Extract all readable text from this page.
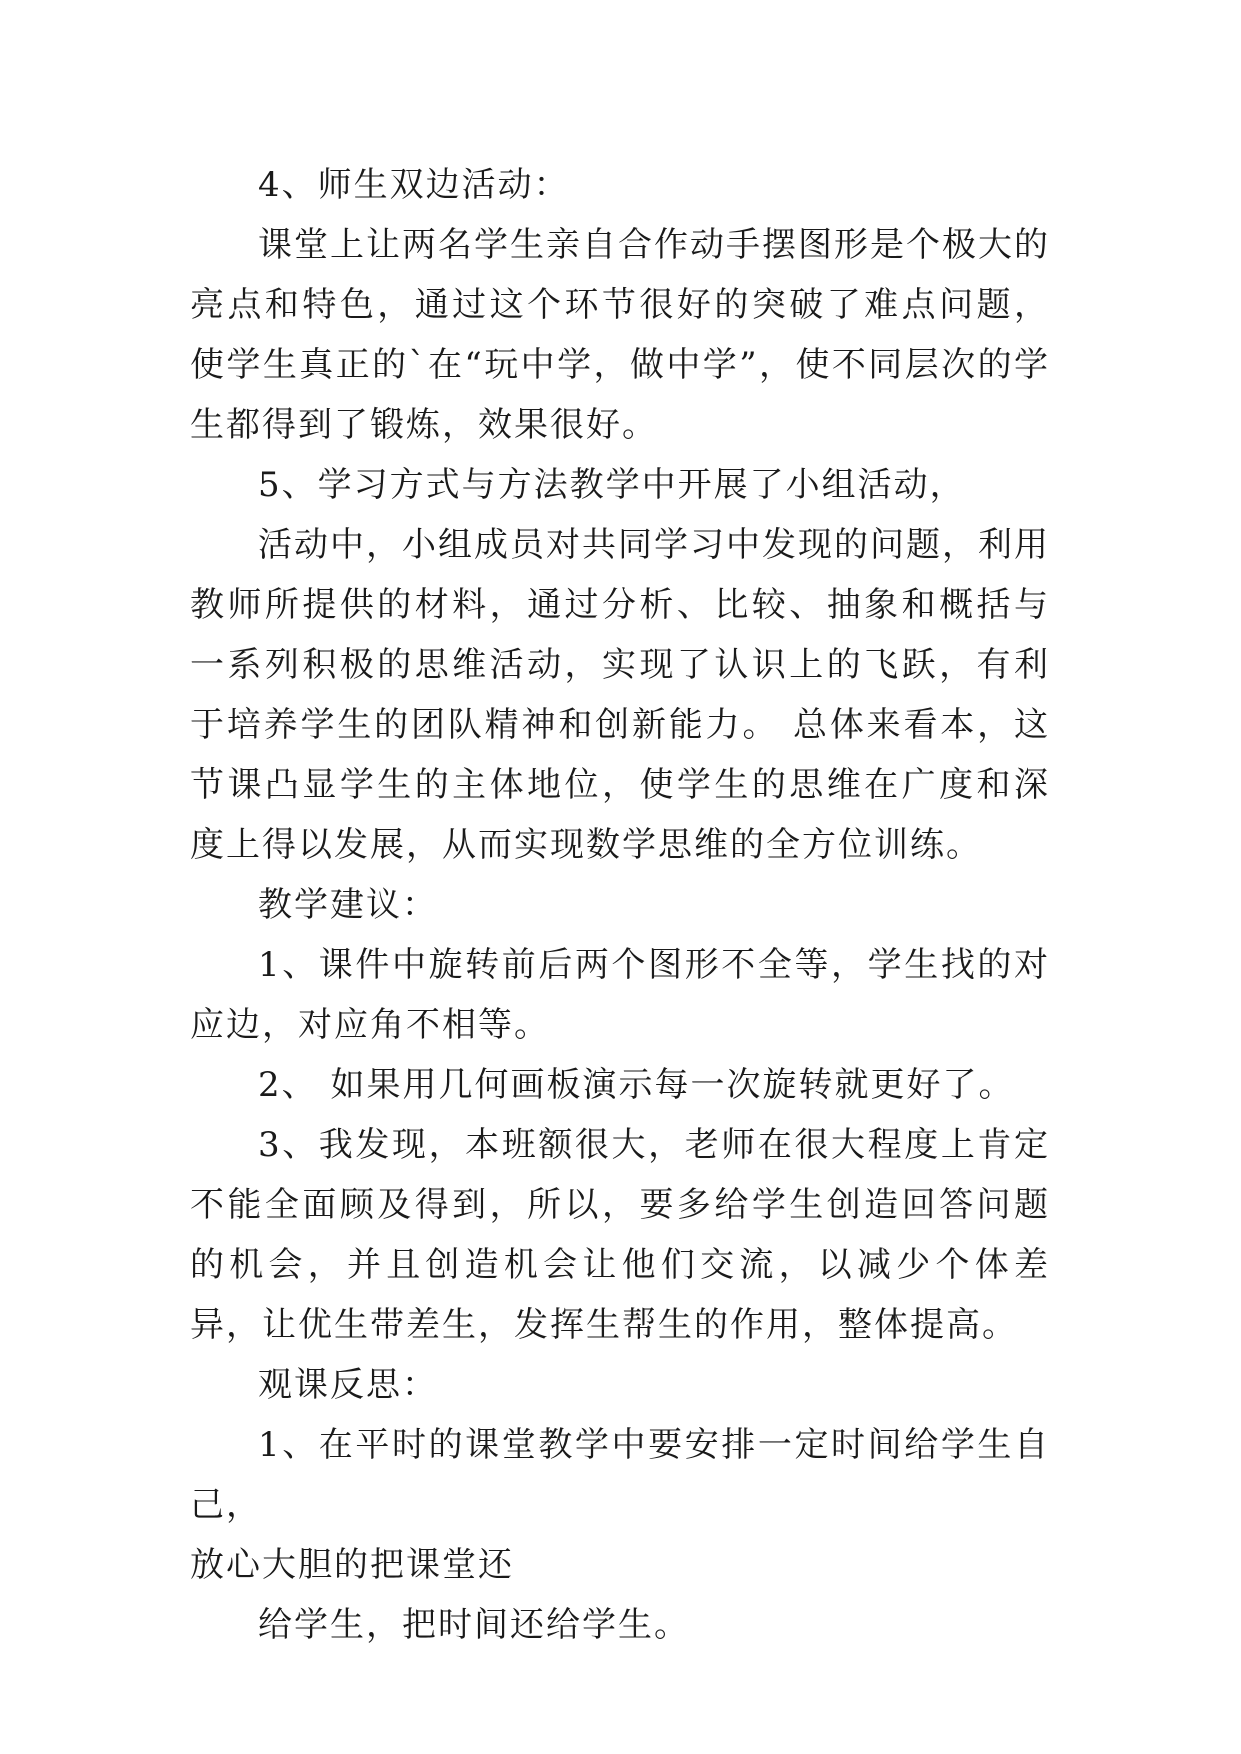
4、师生双边活动：

课堂上让两名学生亲自合作动手摆图形是个极大的亮点和特色，通过这个环节很好的突破了难点问题，使学生真正的`在“玩中学，做中学”，使不同层次的学生都得到了锻炼，效果很好。

5、学习方式与方法教学中开展了小组活动，

活动中，小组成员对共同学习中发现的问题，利用教师所提供的材料，通过分析、比较、抽象和概括与一系列积极的思维活动，实现了认识上的飞跃，有利于培养学生的团队精神和创新能力。 总体来看本，这节课凸显学生的主体地位，使学生的思维在广度和深度上得以发展，从而实现数学思维的全方位训练。

教学建议：

1、课件中旋转前后两个图形不全等，学生找的对应边，对应角不相等。

2、 如果用几何画板演示每一次旋转就更好了。

3、我发现，本班额很大，老师在很大程度上肯定不能全面顾及得到，所以，要多给学生创造回答问题的机会，并且创造机会让他们交流，以减少个体差异，让优生带差生，发挥生帮生的作用，整体提高。

观课反思：

1、在平时的课堂教学中要安排一定时间给学生自己，

放心大胆的把课堂还

给学生，把时间还给学生。
